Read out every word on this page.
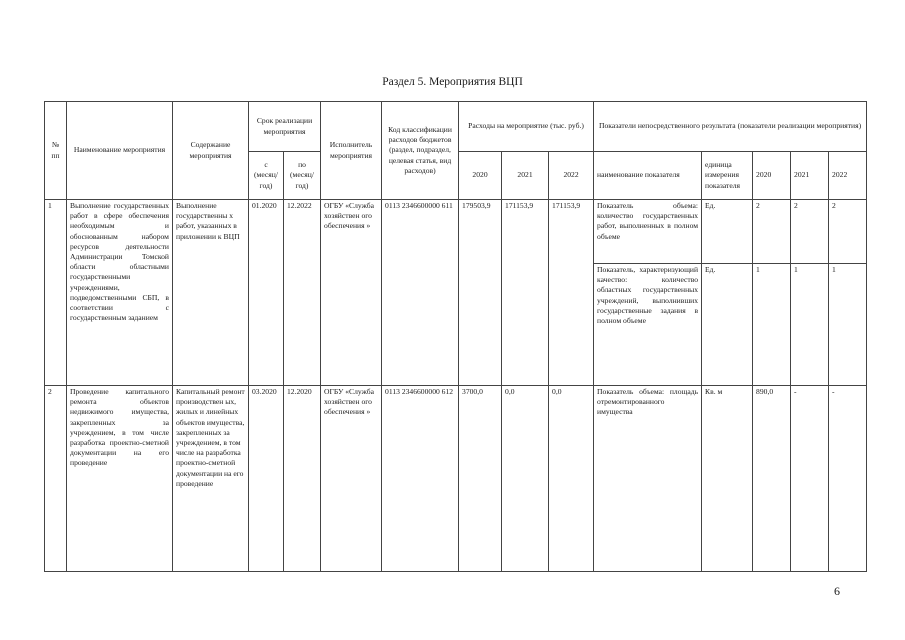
Раздел 5. Мероприятия ВЦП
№ пп	Наименование мероприятия	Содержание мероприятия	Срок реализации мероприятия		Исполнитель мероприятия	Код классификации расходов бюджетов (раздел, подраздел, целевая статья, вид расходов)	Расходы на мероприятие (тыс. руб.)			Показатели непосредственного результата (показатели реализации мероприятия)				
			с (месяц/ год)	по (месяц/ год)			2020	2021	2022	наименование показателя	единица измерения показателя	2020	2021	2022
1	Выполнение государственных работ в сфере обеспечения необходимым и обоснованным набором ресурсов деятельности Администрации Томской области областными государственными учреждениями, подведомственными СБП, в соответствии с государственным заданием	Выполнение государственны х работ, указанных в приложении к ВЦП	01.2020	12.2022	ОГБУ «Служба хозяйствен ого обеспечения »	0113 2346600000 611	179503,9	171153,9	171153,9	Показатель объема: количество государственных работ, выполненных в полном объеме	Ед.	2	2	2
										Показатель, характеризующий качество: количество областных государственных учреждений, выполнивших государственные задания в полном объеме	Ед.	1	1	1
2	Проведение капитального ремонта объектов недвижимого имущества, закрепленных за учреждением, в том числе разработка проектно-сметной документации на его проведение	Капитальный ремонт производствен ых, жилых и линейных объектов имущества, закрепленных за учреждением, в том числе на разработка проектно-сметной документации на его проведение	03.2020	12.2020	ОГБУ «Служба хозяйствен ого обеспечения »	0113 2346600000 612	3700,0	0,0	0,0	Показатель объема: площадь отремонтированного имущества	Кв. м	890,0	-	-
6
